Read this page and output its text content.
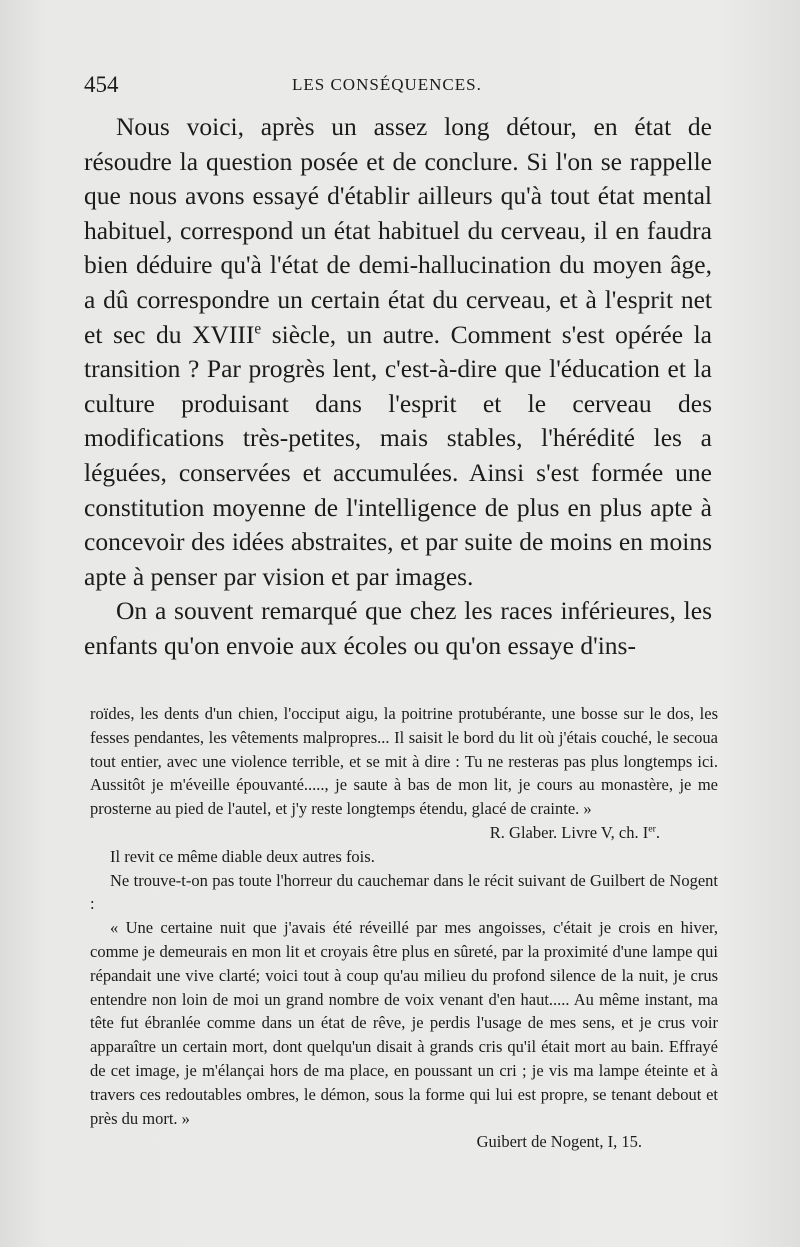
454	LES CONSÉQUENCES.

Nous voici, après un assez long détour, en état de résoudre la question posée et de conclure. Si l'on se rappelle que nous avons essayé d'établir ailleurs qu'à tout état mental habituel, correspond un état habituel du cerveau, il en faudra bien déduire qu'à l'état de demi-hallucination du moyen âge, a dû correspondre un certain état du cerveau, et à l'esprit net et sec du XVIIIe siècle, un autre. Comment s'est opérée la transition ? Par progrès lent, c'est-à-dire que l'éducation et la culture produisant dans l'esprit et le cerveau des modifications très-petites, mais stables, l'hérédité les a léguées, conservées et accumulées. Ainsi s'est formée une constitution moyenne de l'intelligence de plus en plus apte à concevoir des idées abstraites, et par suite de moins en moins apte à penser par vision et par images.

On a souvent remarqué que chez les races inférieures, les enfants qu'on envoie aux écoles ou qu'on essaye d'ins-

roïdes, les dents d'un chien, l'occiput aigu, la poitrine protubérante, une bosse sur le dos, les fesses pendantes, les vêtements malpropres... Il saisit le bord du lit où j'étais couché, le secoua tout entier, avec une violence terrible, et se mit à dire : Tu ne resteras pas plus longtemps ici. Aussitôt je m'éveille épouvanté....., je saute à bas de mon lit, je cours au monastère, je me prosterne au pied de l'autel, et j'y reste longtemps étendu, glacé de crainte. »

R. Glaber. Livre V, ch. Ier.

Il revit ce même diable deux autres fois.

Ne trouve-t-on pas toute l'horreur du cauchemar dans le récit suivant de Guilbert de Nogent :

« Une certaine nuit que j'avais été réveillé par mes angoisses, c'était je crois en hiver, comme je demeurais en mon lit et croyais être plus en sûreté, par la proximité d'une lampe qui répandait une vive clarté; voici tout à coup qu'au milieu du profond silence de la nuit, je crus entendre non loin de moi un grand nombre de voix venant d'en haut..... Au même instant, ma tête fut ébranlée comme dans un état de rêve, je perdis l'usage de mes sens, et je crus voir apparaître un certain mort, dont quelqu'un disait à grands cris qu'il était mort au bain. Effrayé de cet image, je m'élançai hors de ma place, en poussant un cri ; je vis ma lampe éteinte et à travers ces redoutables ombres, le démon, sous la forme qui lui est propre, se tenant debout et près du mort. »

Guibert de Nogent, I, 15.
